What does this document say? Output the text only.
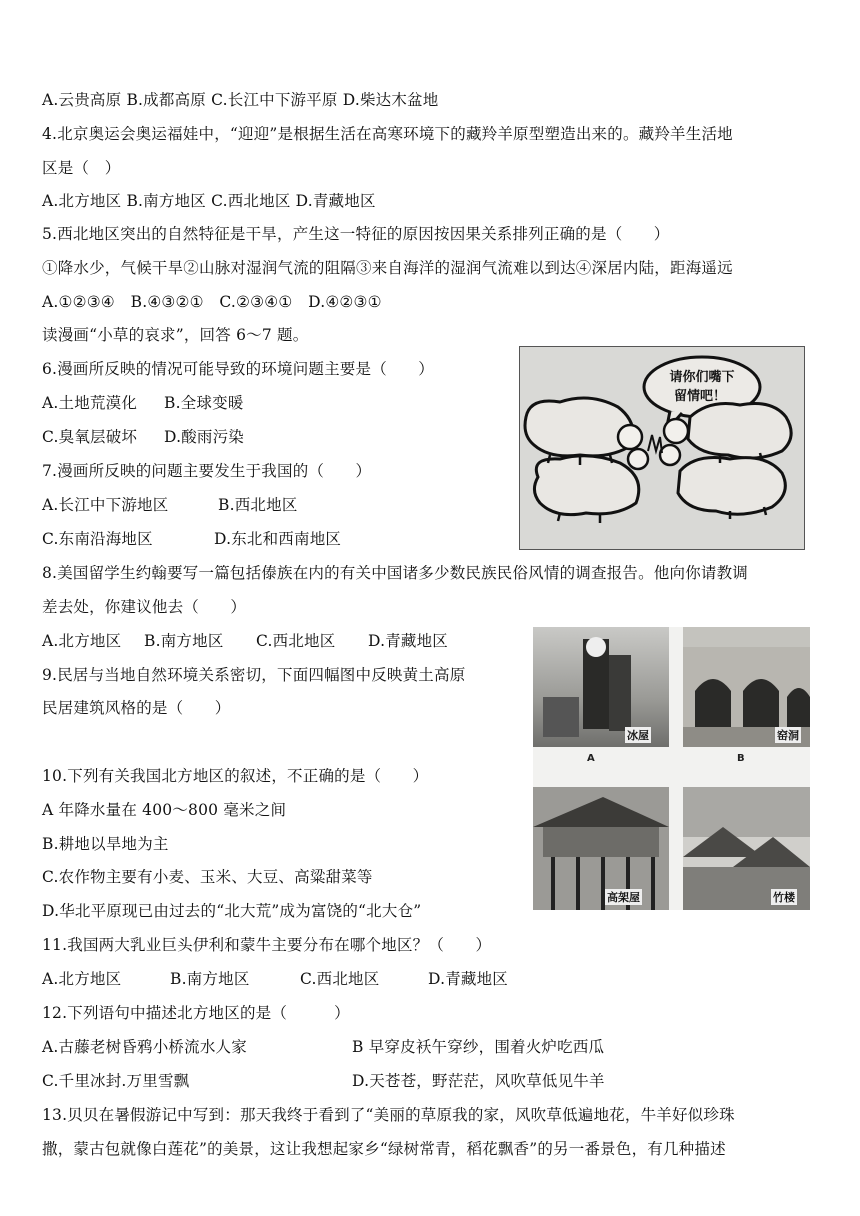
A.云贵高原 B.成都高原 C.长江中下游平原 D.柴达木盆地
4.北京奥运会奥运福娃中，“迎迎”是根据生活在高寒环境下的藏羚羊原型塑造出来的。藏羚羊生活地
区是（　）
A.北方地区 B.南方地区 C.西北地区 D.青藏地区
5.西北地区突出的自然特征是干旱，产生这一特征的原因按因果关系排列正确的是（　　）
①降水少，气候干旱②山脉对湿润气流的阻隔③来自海洋的湿润气流难以到达④深居内陆，距海遥远
A.①②③④　B.④③②①　C.②③④①　D.④②③①
读漫画“小草的哀求”，回答 6～7 题。
6.漫画所反映的情况可能导致的环境问题主要是（　　）
A.土地荒漠化 B.全球变暖
C.臭氧层破坏 D.酸雨污染
7.漫画所反映的问题主要发生于我国的（　　）
A.长江中下游地区	B.西北地区
C.东南沿海地区	D.东北和西南地区
8.美国留学生约翰要写一篇包括傣族在内的有关中国诸多少数民族民俗风情的调查报告。他向你请教调
差去处，你建议他去（　　）
A.北方地区 B.南方地区 C.西北地区 D.青藏地区
9.民居与当地自然环境关系密切，下面四幅图中反映黄土高原
民居建筑风格的是（　　）
10.下列有关我国北方地区的叙述，不正确的是（　　）
A 年降水量在 400～800 毫米之间
B.耕地以旱地为主
C.农作物主要有小麦、玉米、大豆、高粱甜菜等
D.华北平原现已由过去的“北大荒”成为富饶的“北大仓”
11.我国两大乳业巨头伊利和蒙牛主要分布在哪个地区？（　　）
A.北方地区	B.南方地区	C.西北地区	D.青藏地区
12.下列语句中描述北方地区的是（　　　）
A.古藤老树昏鸦小桥流水人家	B 早穿皮袄午穿纱，围着火炉吃西瓜
C.千里冰封.万里雪飘	D.天苍苍，野茫茫，风吹草低见牛羊
13.贝贝在暑假游记中写到：那天我终于看到了“美丽的草原我的家，风吹草低遍地花，牛羊好似珍珠
撒，蒙古包就像白莲花”的美景，这让我想起家乡“绿树常青，稻花飘香”的另一番景色，有几种描述
请你们嘴下
留情吧！
冰屋
A
窑洞
B
高架屋	竹楼
